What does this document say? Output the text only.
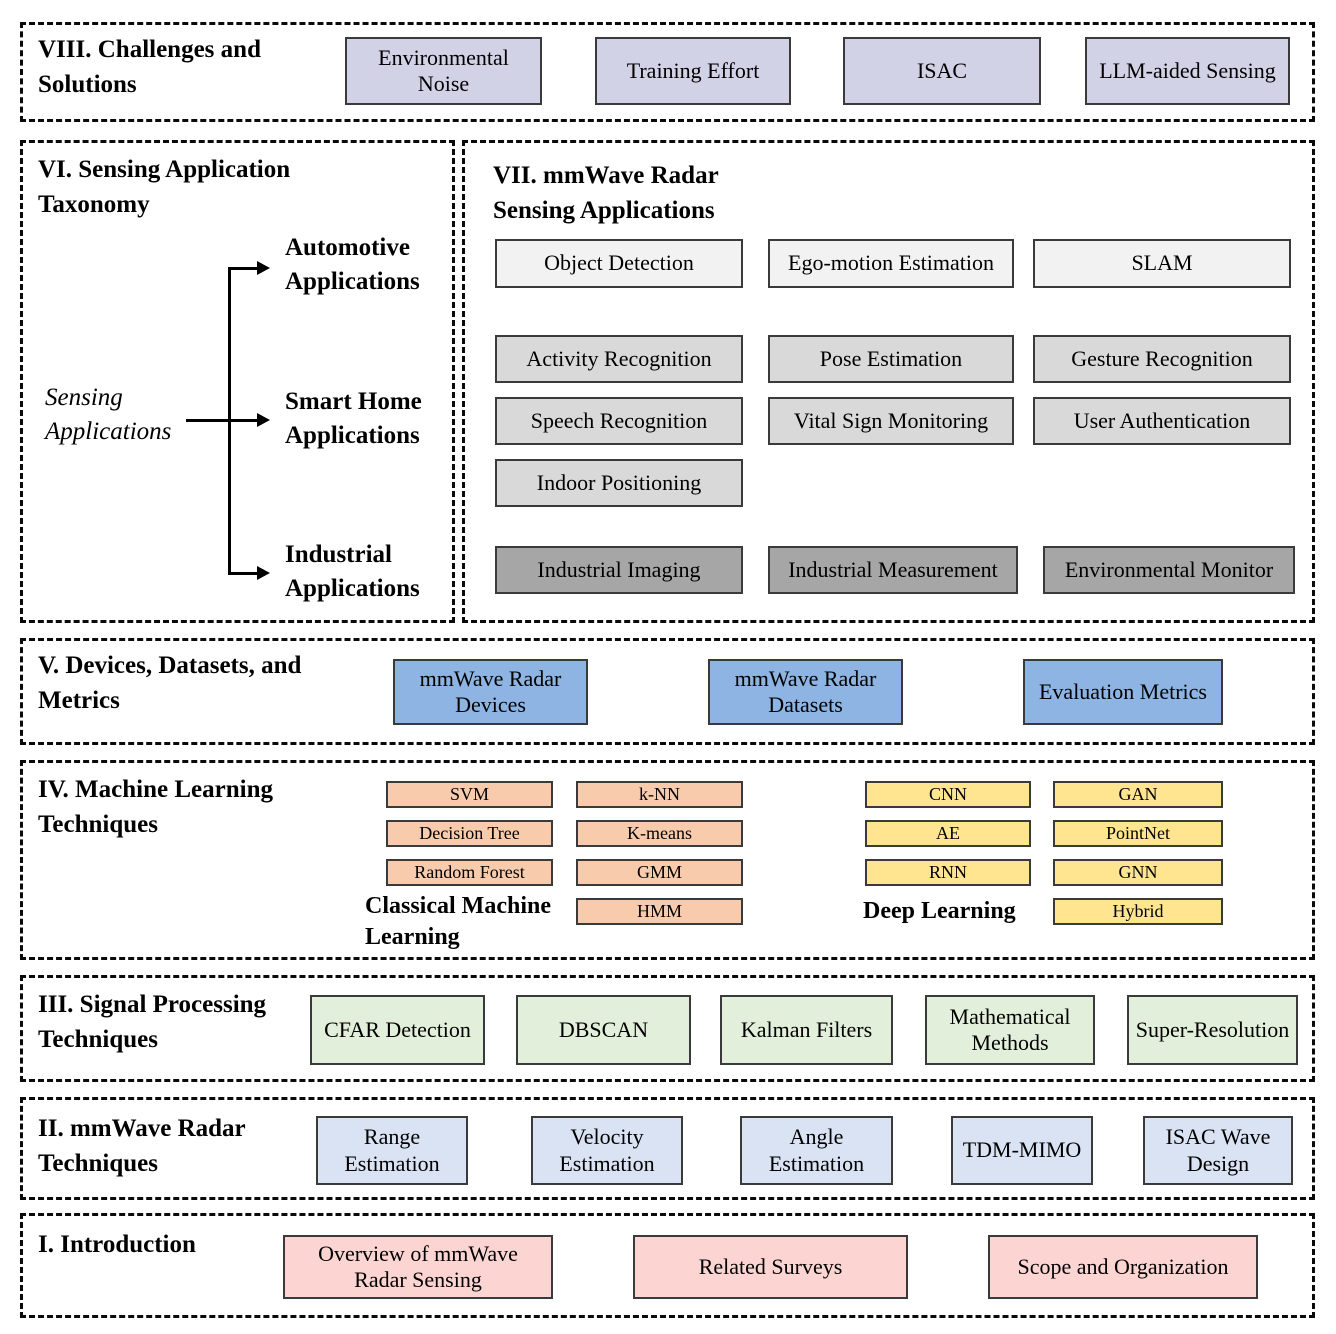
VIII. Challenges and Solutions
Environmental Noise
Training Effort	ISAC	LLM-aided Sensing
VI. Sensing Application Taxonomy
Sensing Applications
Automotive Applications
Smart Home Applications
Industrial Applications
VII. mmWave Radar Sensing Applications
Object Detection	Ego-motion Estimation	SLAM
Activity Recognition	Pose Estimation	Gesture Recognition
Speech Recognition	Vital Sign Monitoring	User Authentication
Indoor Positioning
Industrial Imaging	Industrial Measurement	Environmental Monitor
V. Devices, Datasets, and Metrics
mmWave Radar Devices
mmWave Radar Datasets
Evaluation Metrics
IV. Machine Learning Techniques
SVM
Decision Tree
Random Forest
k-NN
K-means
GMM
HMM
Classical Machine Learning
CNN
AE
RNN
GAN
PointNet
GNN
Hybrid
Deep Learning
III. Signal Processing Techniques	CFAR Detection	DBSCAN	Kalman Filters
Mathematical Methods
Super-Resolution
II. mmWave Radar Techniques
Range Estimation
Velocity Estimation
Angle Estimation
TDM-MIMO
ISAC Wave Design
I. Introduction	Overview of mmWave Radar Sensing
Related Surveys	Scope and Organization
